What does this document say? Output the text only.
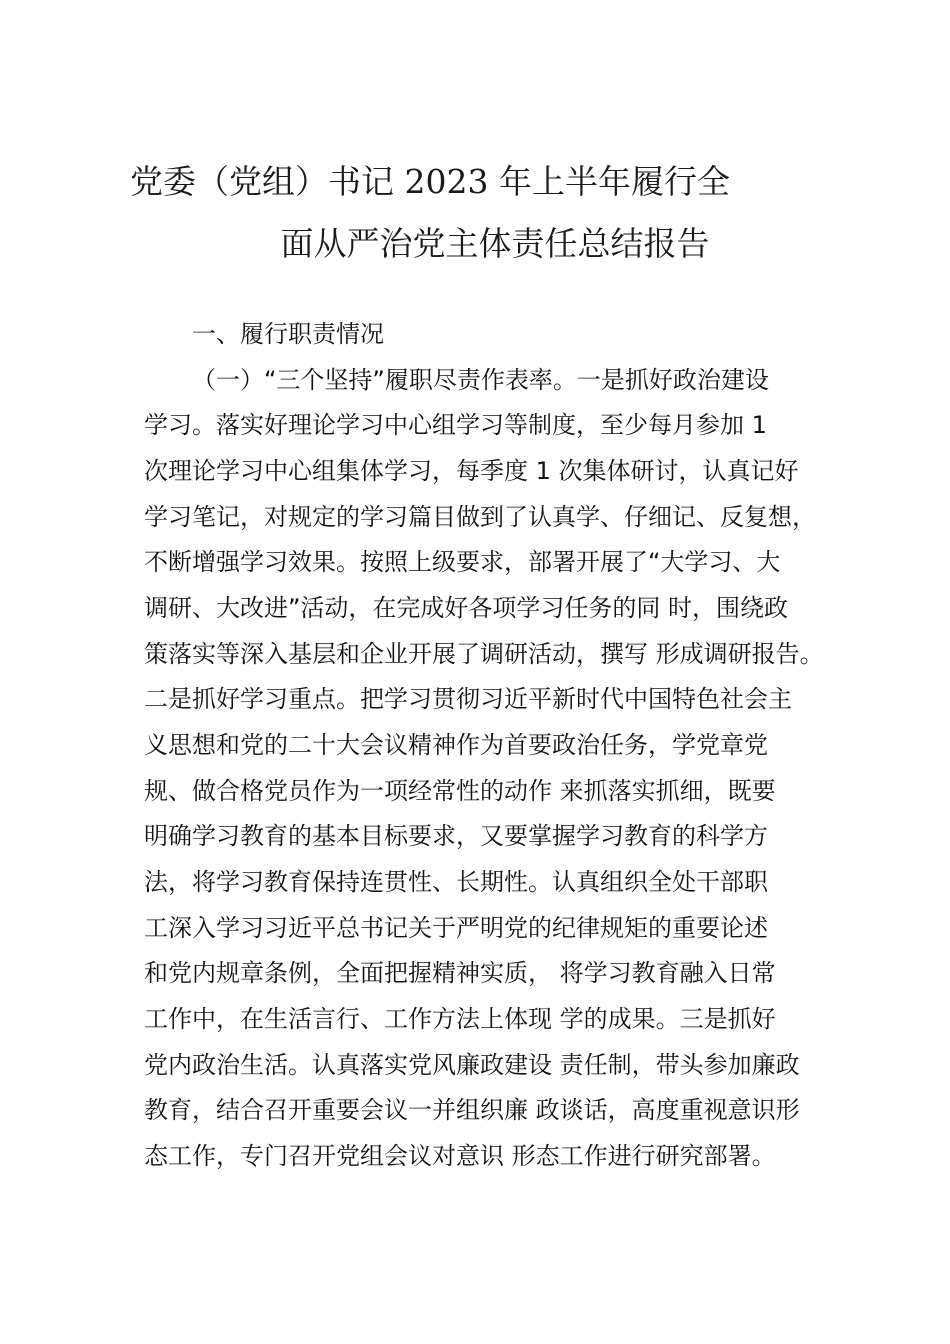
党委（党组）书记 2023 年上半年履行全
面从严治党主体责任总结报告
一、履行职责情况
（一）“三个坚持”履职尽责作表率。一是抓好政治建设
学习。落实好理论学习中心组学习等制度，至少每月参加 1
次理论学习中心组集体学习，每季度 1 次集体研讨，认真记好
学习笔记，对规定的学习篇目做到了认真学、仔细记、反复想，
不断增强学习效果。按照上级要求，部署开展了“大学习、大
调研、大改进”活动，在完成好各项学习任务的同 时，围绕政
策落实等深入基层和企业开展了调研活动，撰写 形成调研报告。
二是抓好学习重点。把学习贯彻习近平新时代中国特色社会主
义思想和党的二十大会议精神作为首要政治任务，学党章党
规、做合格党员作为一项经常性的动作 来抓落实抓细，既要
明确学习教育的基本目标要求，又要掌握学习教育的科学方
法，将学习教育保持连贯性、长期性。认真组织全处干部职
工深入学习习近平总书记关于严明党的纪律规矩的重要论述
和党内规章条例，全面把握精神实质， 将学习教育融入日常
工作中，在生活言行、工作方法上体现 学的成果。三是抓好
党内政治生活。认真落实党风廉政建设 责任制，带头参加廉政
教育，结合召开重要会议一并组织廉 政谈话，高度重视意识形
态工作，专门召开党组会议对意识 形态工作进行研究部署。
